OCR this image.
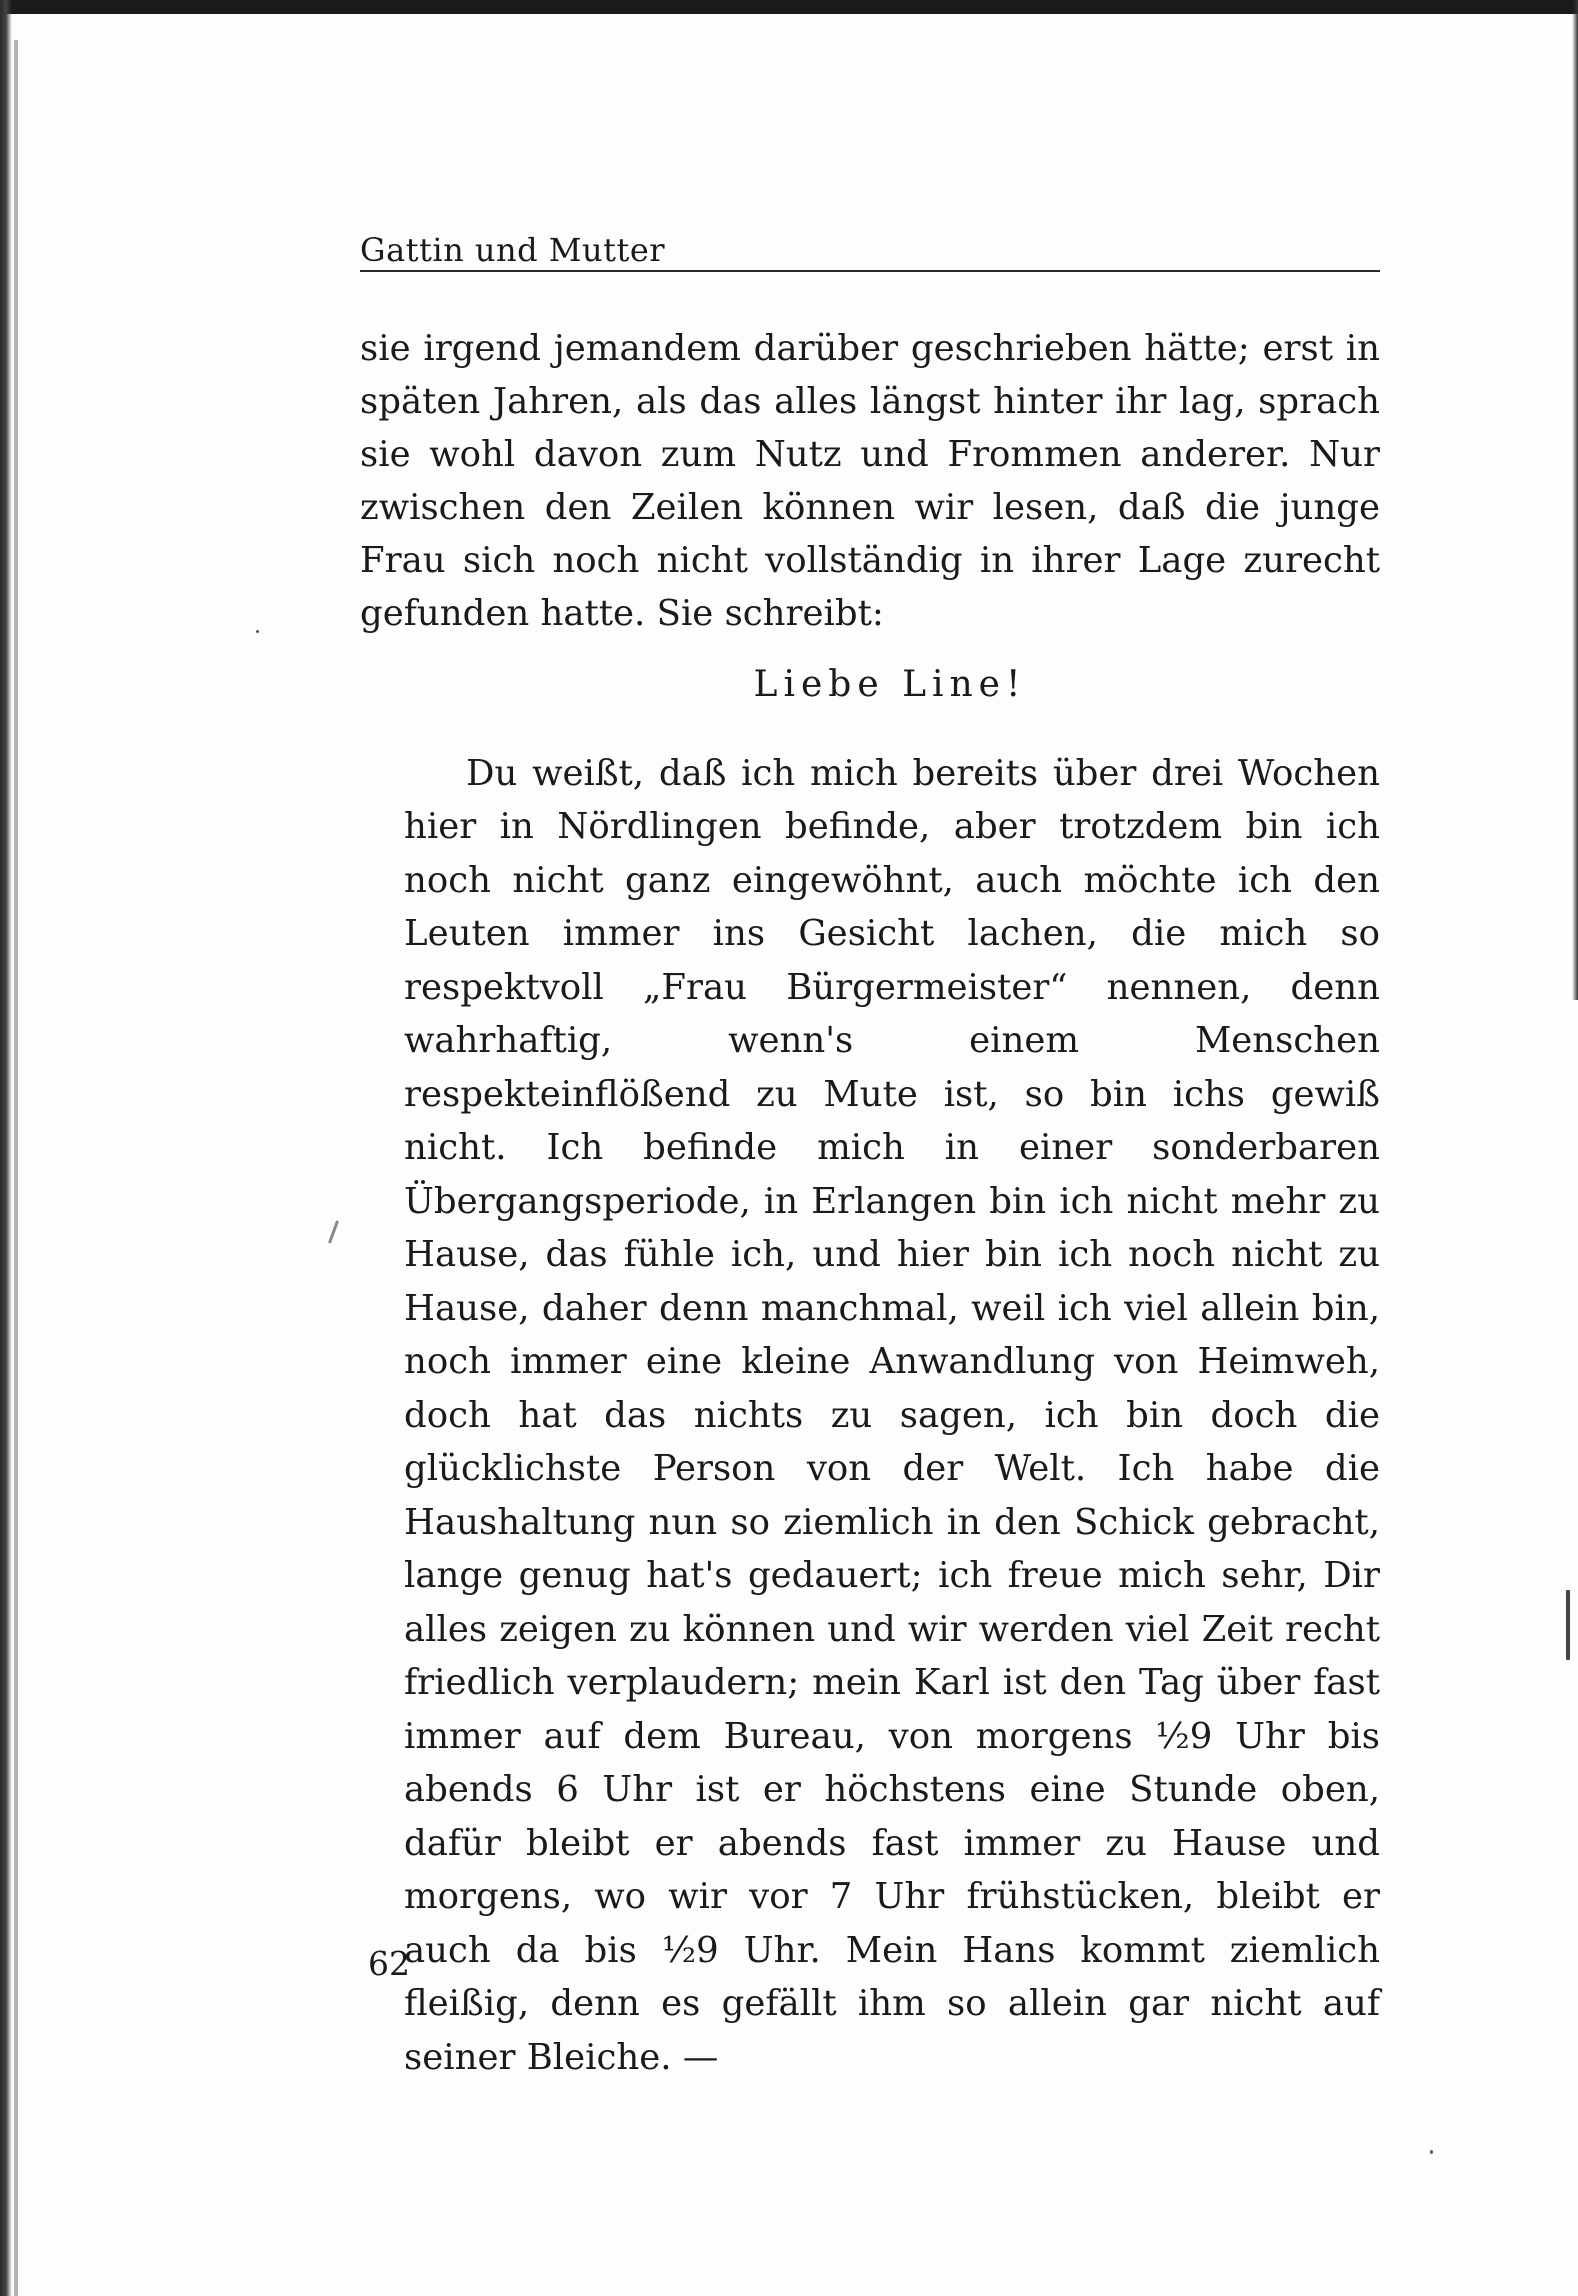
Gattin und Mutter

sie irgend jemandem darüber geschrieben hätte; erst in späten Jahren, als das alles längst hinter ihr lag, sprach sie wohl davon zum Nutz und Frommen anderer. Nur zwischen den Zeilen können wir lesen, daß die junge Frau sich noch nicht vollständig in ihrer Lage zurecht gefunden hatte. Sie schreibt:

Liebe Line!

Du weißt, daß ich mich bereits über drei Wochen hier in Nördlingen befinde, aber trotzdem bin ich noch nicht ganz eingewöhnt, auch möchte ich den Leuten immer ins Gesicht lachen, die mich so respektvoll „Frau Bürgermeister“ nennen, denn wahrhaftig, wenn's einem Menschen respekteinflößend zu Mute ist, so bin ichs gewiß nicht. Ich befinde mich in einer sonderbaren Übergangsperiode, in Erlangen bin ich nicht mehr zu Hause, das fühle ich, und hier bin ich noch nicht zu Hause, daher denn manchmal, weil ich viel allein bin, noch immer eine kleine Anwandlung von Heimweh, doch hat das nichts zu sagen, ich bin doch die glücklichste Person von der Welt. Ich habe die Haushaltung nun so ziemlich in den Schick gebracht, lange genug hat's gedauert; ich freue mich sehr, Dir alles zeigen zu können und wir werden viel Zeit recht friedlich verplaudern; mein Karl ist den Tag über fast immer auf dem Bureau, von morgens ½9 Uhr bis abends 6 Uhr ist er höchstens eine Stunde oben, dafür bleibt er abends fast immer zu Hause und morgens, wo wir vor 7 Uhr frühstücken, bleibt er auch da bis ½9 Uhr. Mein Hans kommt ziemlich fleißig, denn es gefällt ihm so allein gar nicht auf seiner Bleiche. —

62
